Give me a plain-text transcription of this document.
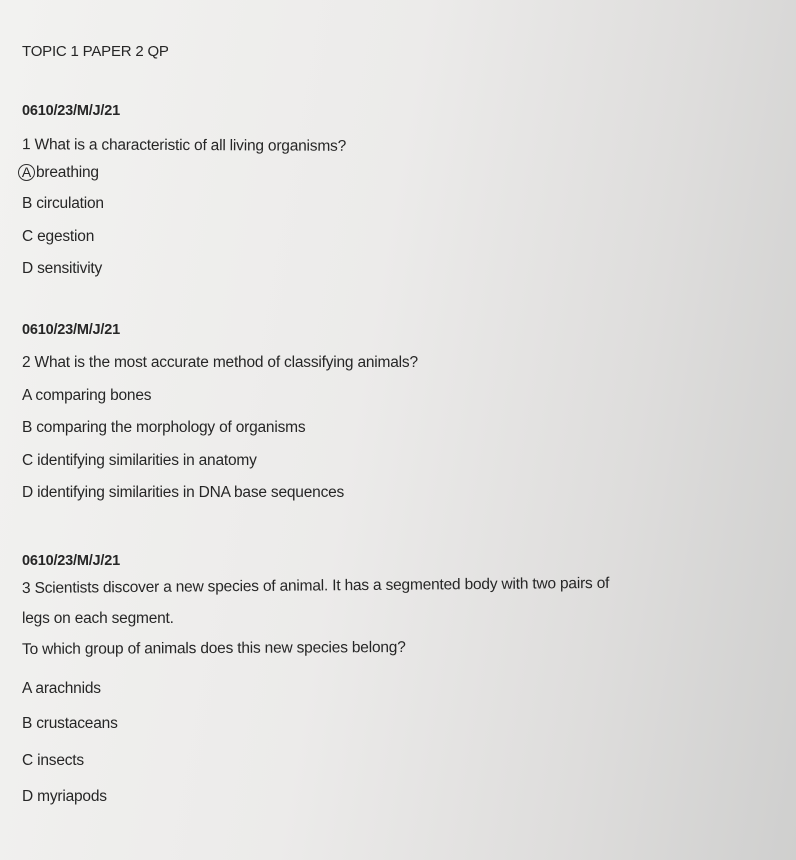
TOPIC 1 PAPER 2 QP
0610/23/M/J/21
1 What is a characteristic of all living organisms?
A breathing
B circulation
C egestion
D sensitivity
0610/23/M/J/21
2 What is the most accurate method of classifying animals?
A comparing bones
B comparing the morphology of organisms
C identifying similarities in anatomy
D identifying similarities in DNA base sequences
0610/23/M/J/21
3 Scientists discover a new species of animal. It has a segmented body with two pairs of
legs on each segment.
To which group of animals does this new species belong?
A arachnids
B crustaceans
C insects
D myriapods
